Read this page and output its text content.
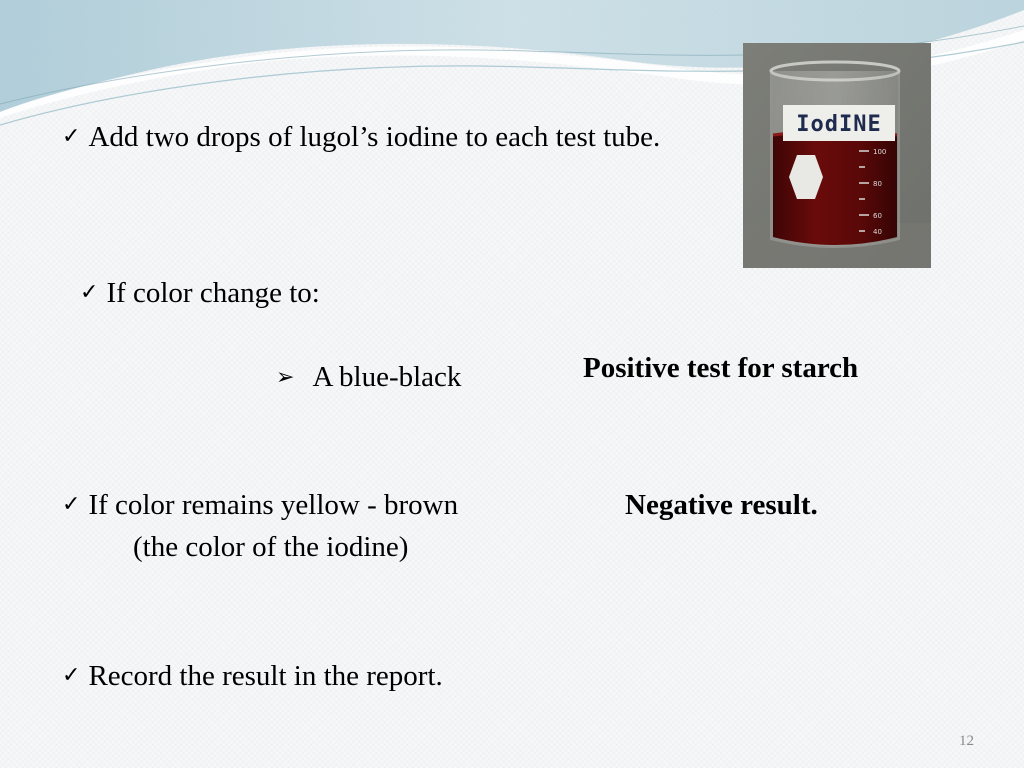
✓ Add two drops of lugol’s iodine to each test tube.
✓ If color change to:
➢ A blue-black	Positive test for starch
✓ If color remains yellow - brown
(the color of the iodine)
Negative result.
✓ Record the result in the report.
IodINE
100
80
60
40
12
